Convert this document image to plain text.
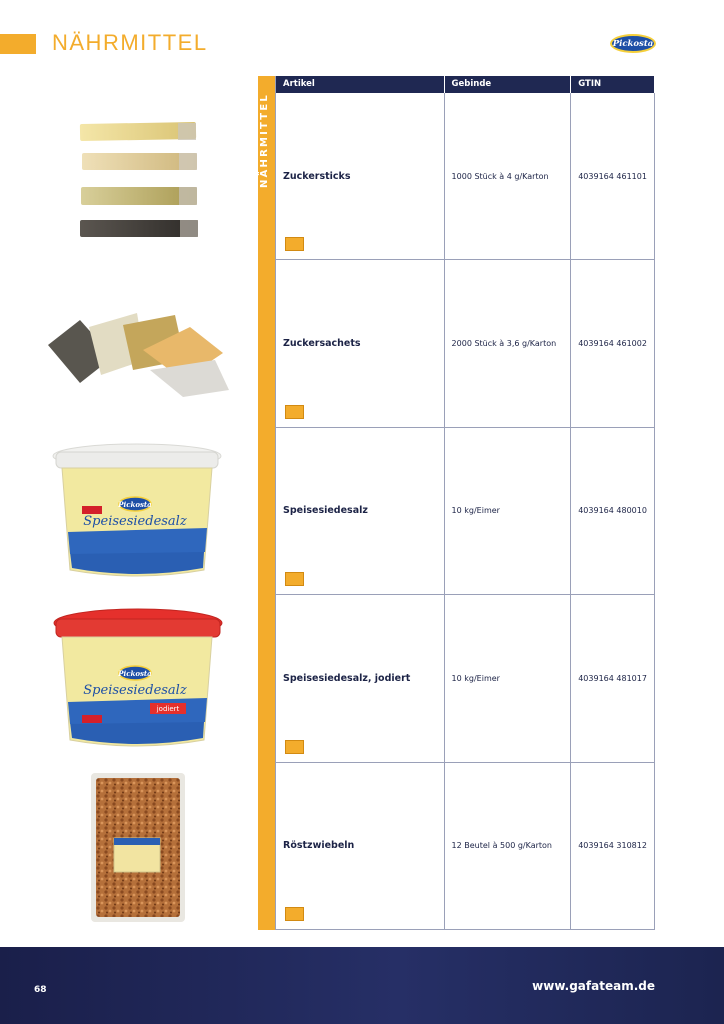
NÄHRMITTEL	Pickosta
Pickosta
Speisesiedesalz
Pickosta
Speisesiedesalz
jodiert
Artikel	Gebinde	GTIN
Zuckersticks	1000 Stück à 4 g/Karton	4039164 461101
Zuckersachets	2000 Stück à 3,6 g/Karton	4039164 461002
Speisesiedesalz	10 kg/Eimer	4039164 480010
Speisesiedesalz, jodiert	10 kg/Eimer	4039164 481017
Röstzwiebeln	12 Beutel à 500 g/Karton	4039164 310812
68	www.gafateam.de
